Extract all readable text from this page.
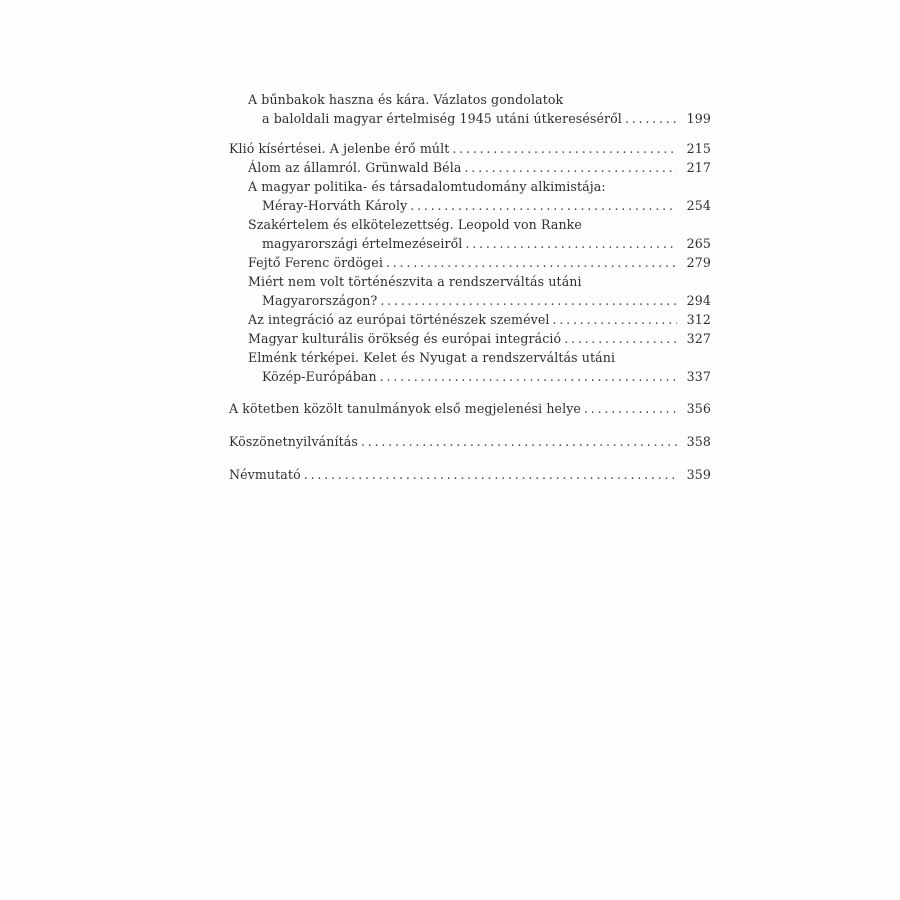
A bűnbakok haszna és kára. Vázlatos gondolatok
a baloldali magyar értelmiség 1945 utáni útkereséséről . . .	199
Klió kísértései. A jelenbe érő múlt . . .	215
Álom az államról. Grünwald Béla . . .	217
A magyar politika- és társadalomtudomány alkimistája:
Méray-Horváth Károly . . .	254
Szakértelem és elkötelezettség. Leopold von Ranke
magyarországi értelmezéseiről . . .	265
Fejtő Ferenc ördögei . . .	279
Miért nem volt történészvita a rendszerváltás utáni
Magyarországon? . . .	294
Az integráció az európai történészek szemével . . .	312
Magyar kulturális örökség és európai integráció . . .	327
Elménk térképei. Kelet és Nyugat a rendszerváltás utáni
Közép-Európában . . .	337
A kötetben közölt tanulmányok első megjelenési helye . . .	356
Köszönetnyilvánítás . . .	358
Névmutató . . .	359
